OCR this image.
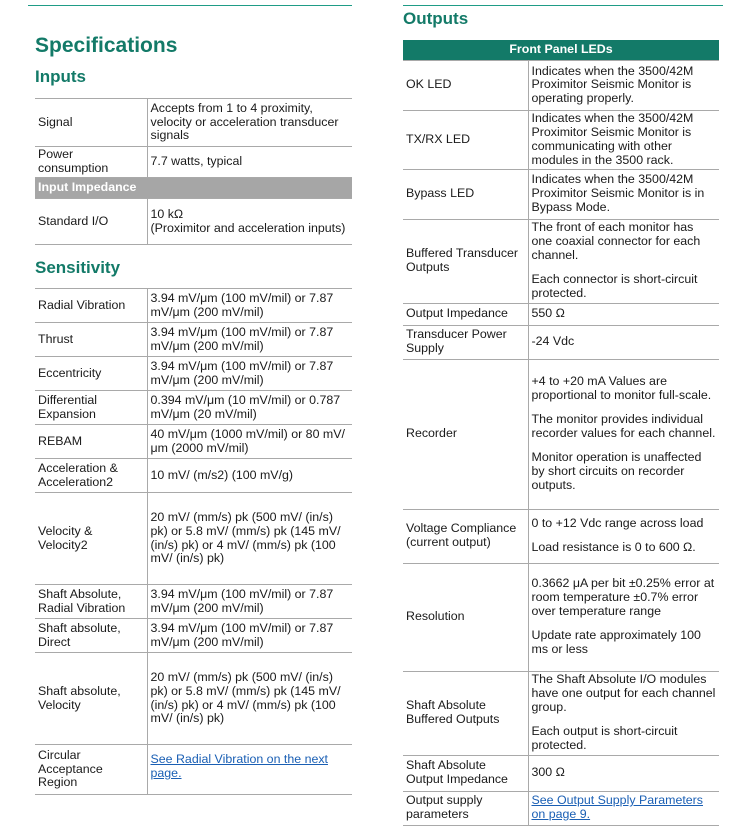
Specifications
Inputs
Signal	Accepts from 1 to 4 proximity, velocity or acceleration transducer signals
Power consumption	7.7 watts, typical
Input Impedance	
Standard I/O	10 kΩ
(Proximitor and acceleration inputs)
Sensitivity
Radial Vibration	3.94 mV/μm (100 mV/mil) or 7.87 mV/μm (200 mV/mil)
Thrust	3.94 mV/μm (100 mV/mil) or 7.87 mV/μm (200 mV/mil)
Eccentricity	3.94 mV/μm (100 mV/mil) or 7.87 mV/μm (200 mV/mil)
Differential Expansion	0.394 mV/μm (10 mV/mil) or 0.787 mV/μm (20 mV/mil)
REBAM	40 mV/μm (1000 mV/mil) or 80 mV/μm (2000 mV/mil)
Acceleration & Acceleration2	10 mV/ (m/s2) (100 mV/g)
Velocity & Velocity2	20 mV/ (mm/s) pk (500 mV/ (in/s) pk) or 5.8 mV/ (mm/s) pk (145 mV/ (in/s) pk) or 4 mV/ (mm/s) pk (100 mV/ (in/s) pk)
Shaft Absolute, Radial Vibration	3.94 mV/μm (100 mV/mil) or 7.87 mV/μm (200 mV/mil)
Shaft absolute, Direct	3.94 mV/μm (100 mV/mil) or 7.87 mV/μm (200 mV/mil)
Shaft absolute, Velocity	20 mV/ (mm/s) pk (500 mV/ (in/s) pk) or 5.8 mV/ (mm/s) pk (145 mV/ (in/s) pk) or 4 mV/ (mm/s) pk (100 mV/ (in/s) pk)
Circular Acceptance Region	See Radial Vibration on the next page.
Outputs
Front Panel LEDs	
OK LED	Indicates when the 3500/42M Proximitor Seismic Monitor is operating properly.

TX/RX LED	Indicates when the 3500/42M Proximitor Seismic Monitor is communicating with other modules in the 3500 rack.

Bypass LED	Indicates when the 3500/42M Proximitor Seismic Monitor is in Bypass Mode.

Buffered Transducer Outputs	The front of each monitor has one coaxial connector for each channel.
Each connector is short-circuit protected.

Output Impedance	550 Ω

Transducer Power Supply	-24 Vdc

Recorder	+4 to +20 mA Values are proportional to monitor full-scale.
The monitor provides individual recorder values for each channel.
Monitor operation is unaffected by short circuits on recorder outputs.

Voltage Compliance (current output)	0 to +12 Vdc range across load
Load resistance is 0 to 600 Ω.

Resolution	0.3662 μA per bit ±0.25% error at room temperature ±0.7% error over temperature range
Update rate approximately 100 ms or less

Shaft Absolute Buffered Outputs	The Shaft Absolute I/O modules have one output for each channel group.
Each output is short-circuit protected.

Shaft Absolute Output Impedance	300 Ω

Output supply parameters	See Output Supply Parameters on page 9.
